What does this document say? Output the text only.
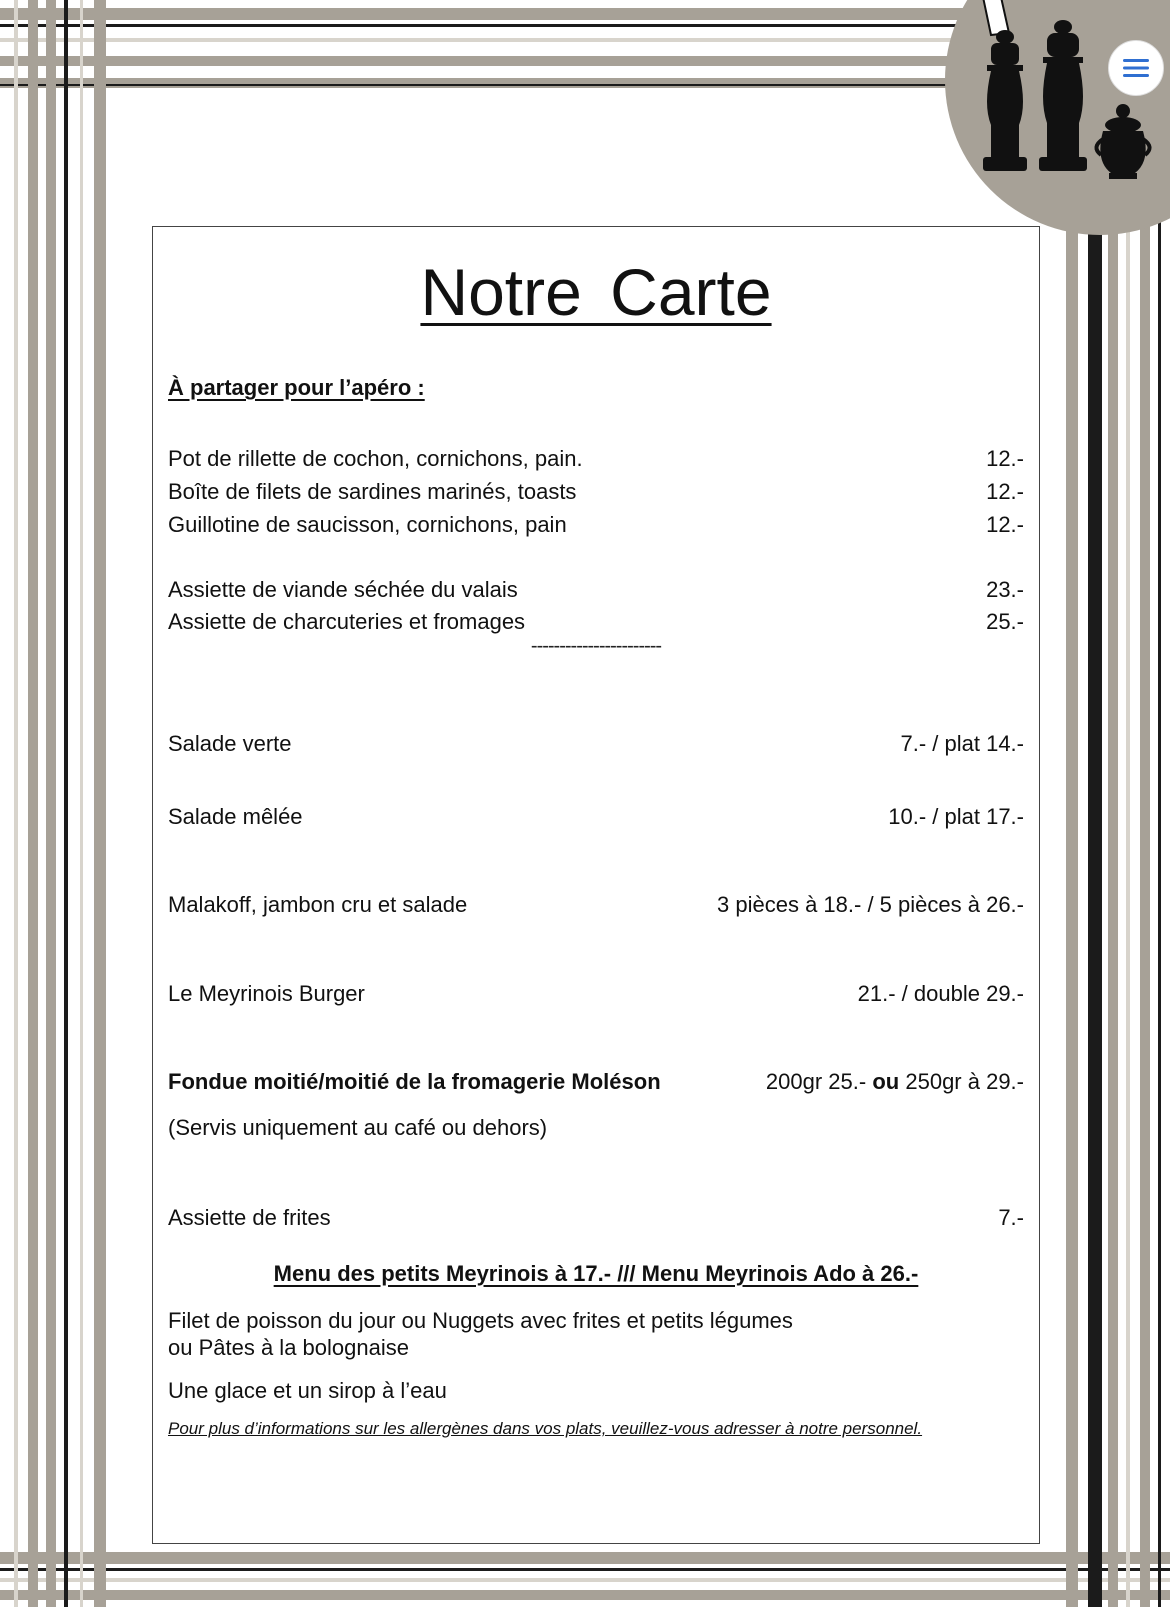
Notre Carte
À partager pour l’apéro :
Pot de rillette de cochon, cornichons, pain.	12.-
Boîte de filets de sardines marinés, toasts	12.-
Guillotine de saucisson, cornichons, pain	12.-
Assiette de viande séchée du valais	23.-
Assiette de charcuteries et fromages	25.-
-----------------------
Salade verte	7.- / plat 14.-
Salade mêlée	10.- / plat 17.-
Malakoff, jambon cru et salade	3 pièces à 18.- / 5 pièces à 26.-
Le Meyrinois Burger	21.- / double 29.-
Fondue moitié/moitié de la fromagerie Moléson	200gr 25.- ou 250gr à 29.-
(Servis uniquement au café ou dehors)
Assiette de frites	7.-
Menu des petits Meyrinois à 17.- /// Menu Meyrinois Ado à 26.-
Filet de poisson du jour ou Nuggets avec frites et petits légumes
ou Pâtes à la bolognaise
Une glace et un sirop à l’eau
Pour plus d’informations sur les allergènes dans vos plats, veuillez-vous adresser à notre personnel.
